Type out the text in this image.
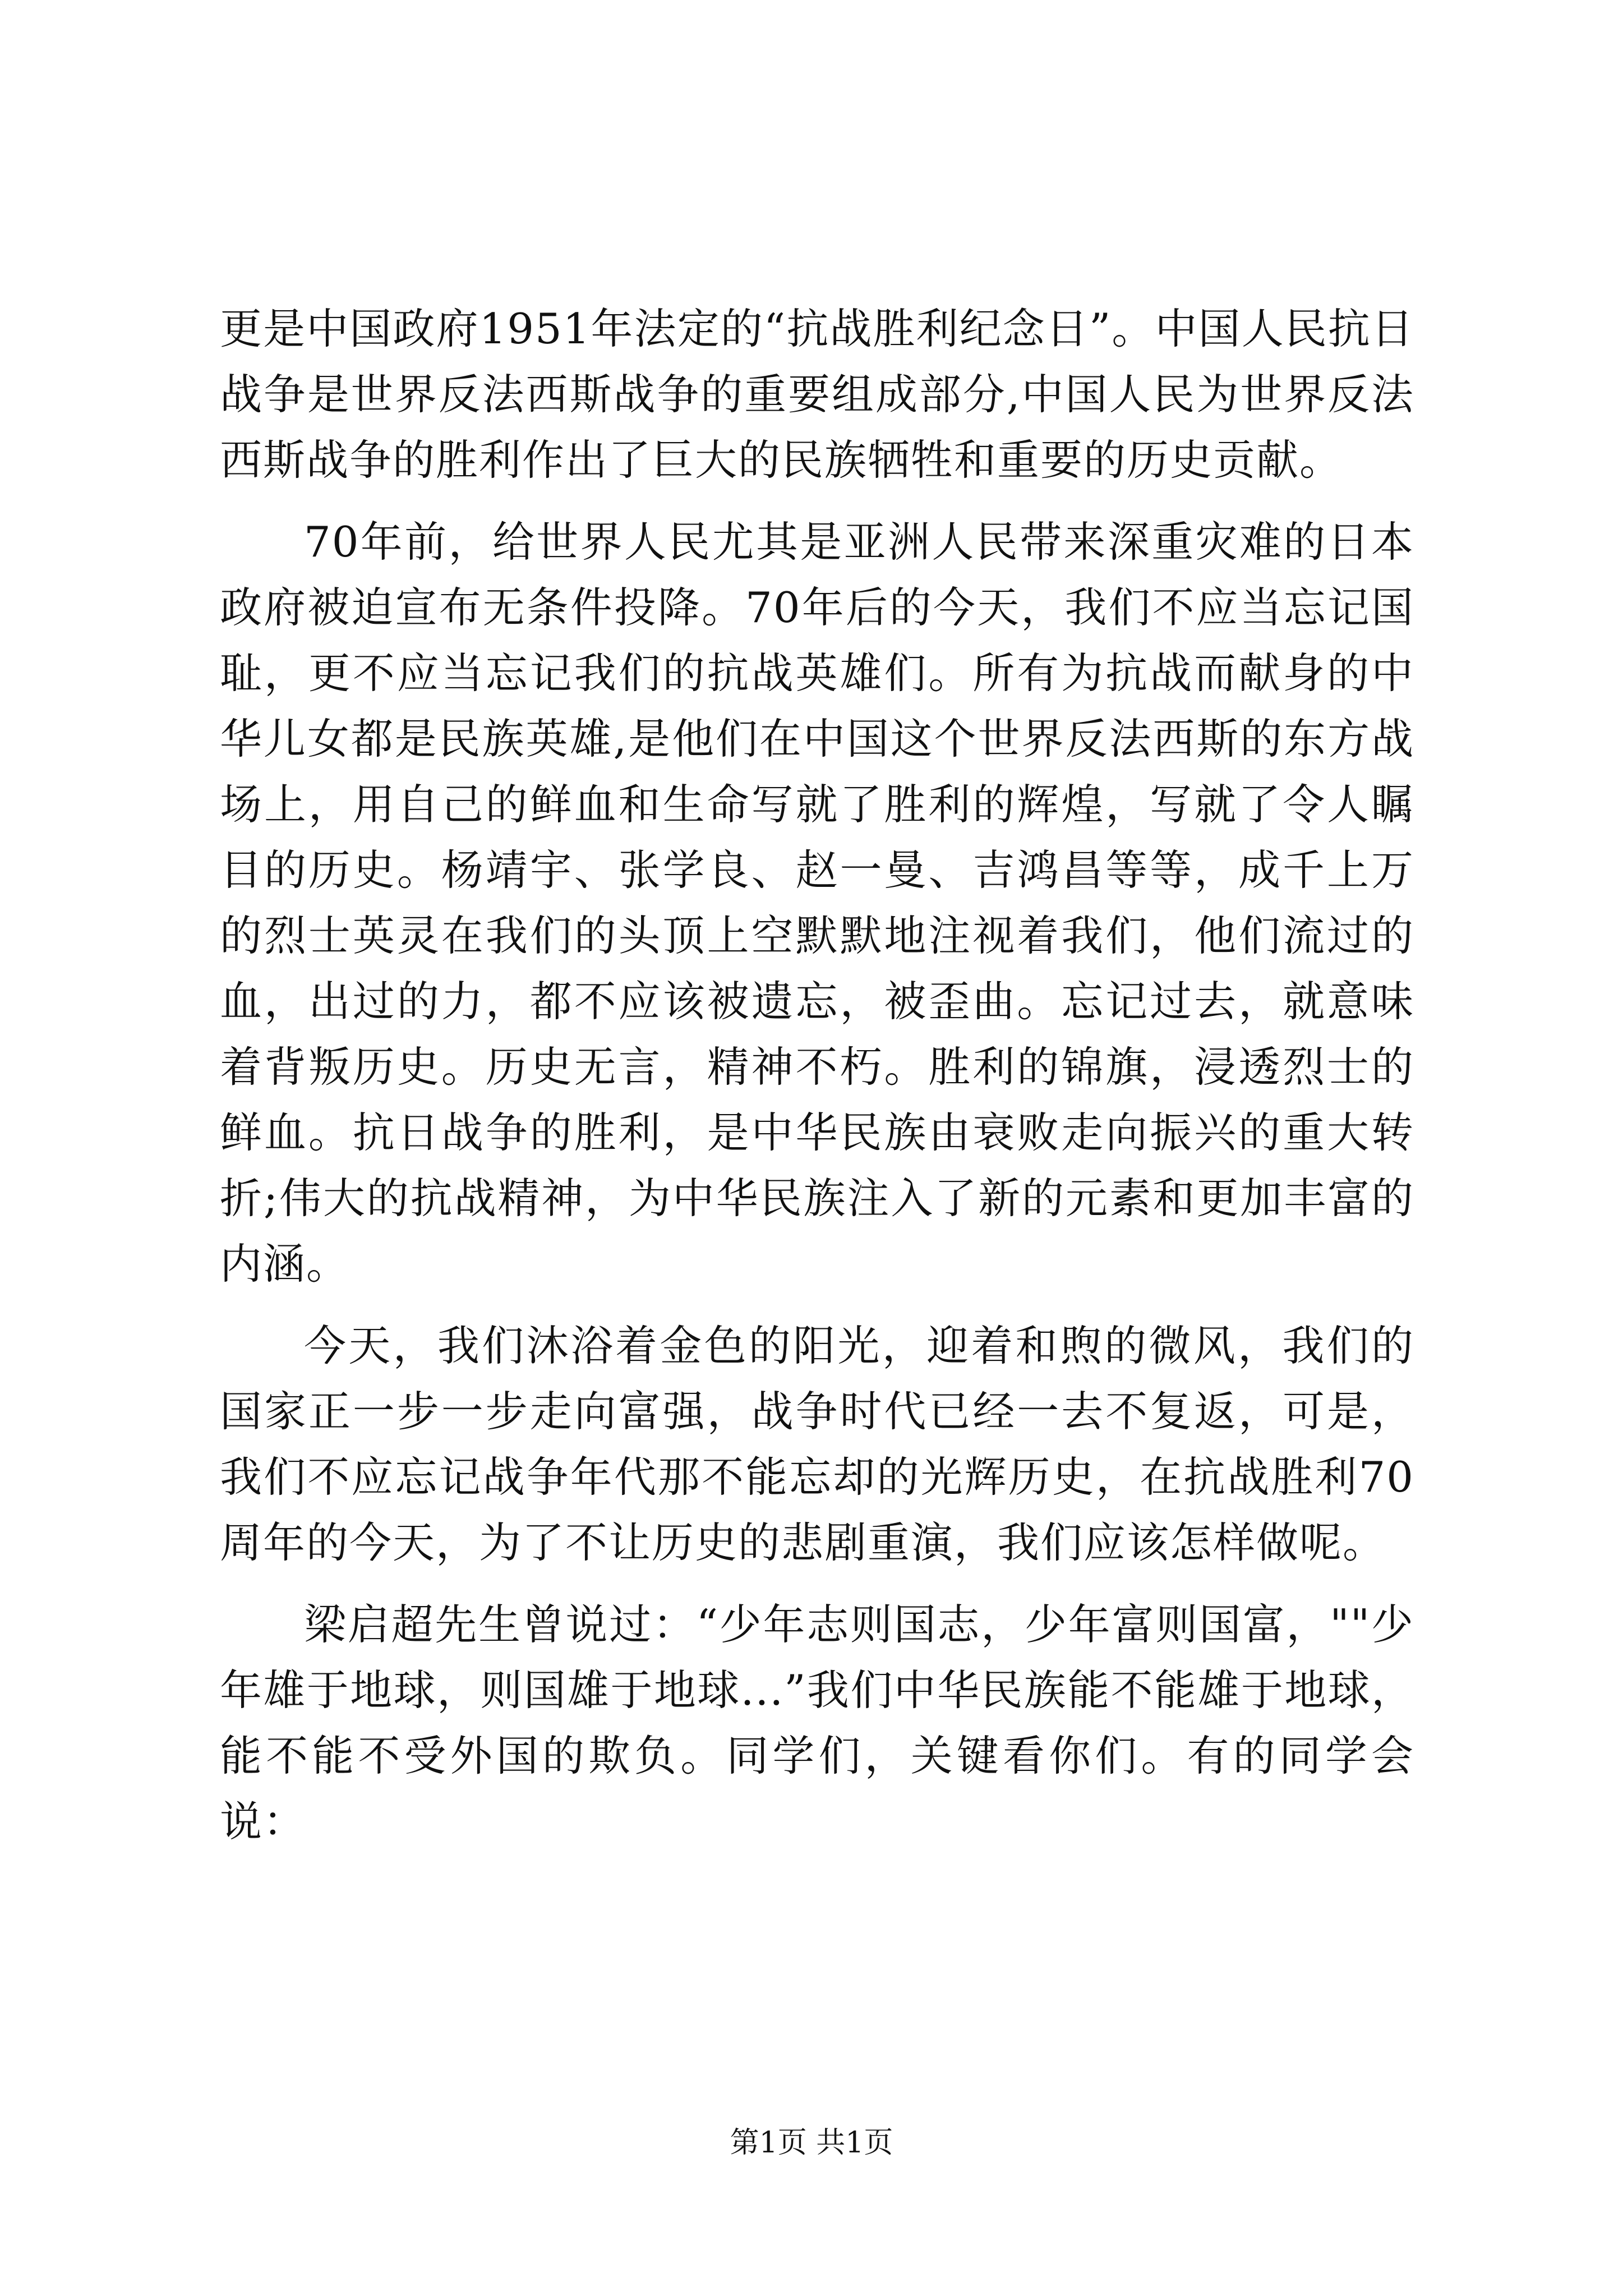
更是中国政府1951年法定的“抗战胜利纪念日”。中国人民抗日战争是世界反法西斯战争的重要组成部分,中国人民为世界反法西斯战争的胜利作出了巨大的民族牺牲和重要的历史贡献。

70年前，给世界人民尤其是亚洲人民带来深重灾难的日本政府被迫宣布无条件投降。70年后的今天，我们不应当忘记国耻，更不应当忘记我们的抗战英雄们。所有为抗战而献身的中华儿女都是民族英雄,是他们在中国这个世界反法西斯的东方战场上，用自己的鲜血和生命写就了胜利的辉煌，写就了令人瞩目的历史。杨靖宇、张学良、赵一曼、吉鸿昌等等，成千上万的烈士英灵在我们的头顶上空默默地注视着我们，他们流过的血，出过的力，都不应该被遗忘，被歪曲。忘记过去，就意味着背叛历史。历史无言，精神不朽。胜利的锦旗，浸透烈士的鲜血。抗日战争的胜利，是中华民族由衰败走向振兴的重大转折;伟大的抗战精神，为中华民族注入了新的元素和更加丰富的内涵。

今天，我们沐浴着金色的阳光，迎着和煦的微风，我们的国家正一步一步走向富强，战争时代已经一去不复返，可是，我们不应忘记战争年代那不能忘却的光辉历史，在抗战胜利70周年的今天，为了不让历史的悲剧重演，我们应该怎样做呢。

梁启超先生曾说过：“少年志则国志，少年富则国富，""少年雄于地球，则国雄于地球...”我们中华民族能不能雄于地球，能不能不受外国的欺负。同学们，关键看你们。有的同学会说：

第1页 共1页
